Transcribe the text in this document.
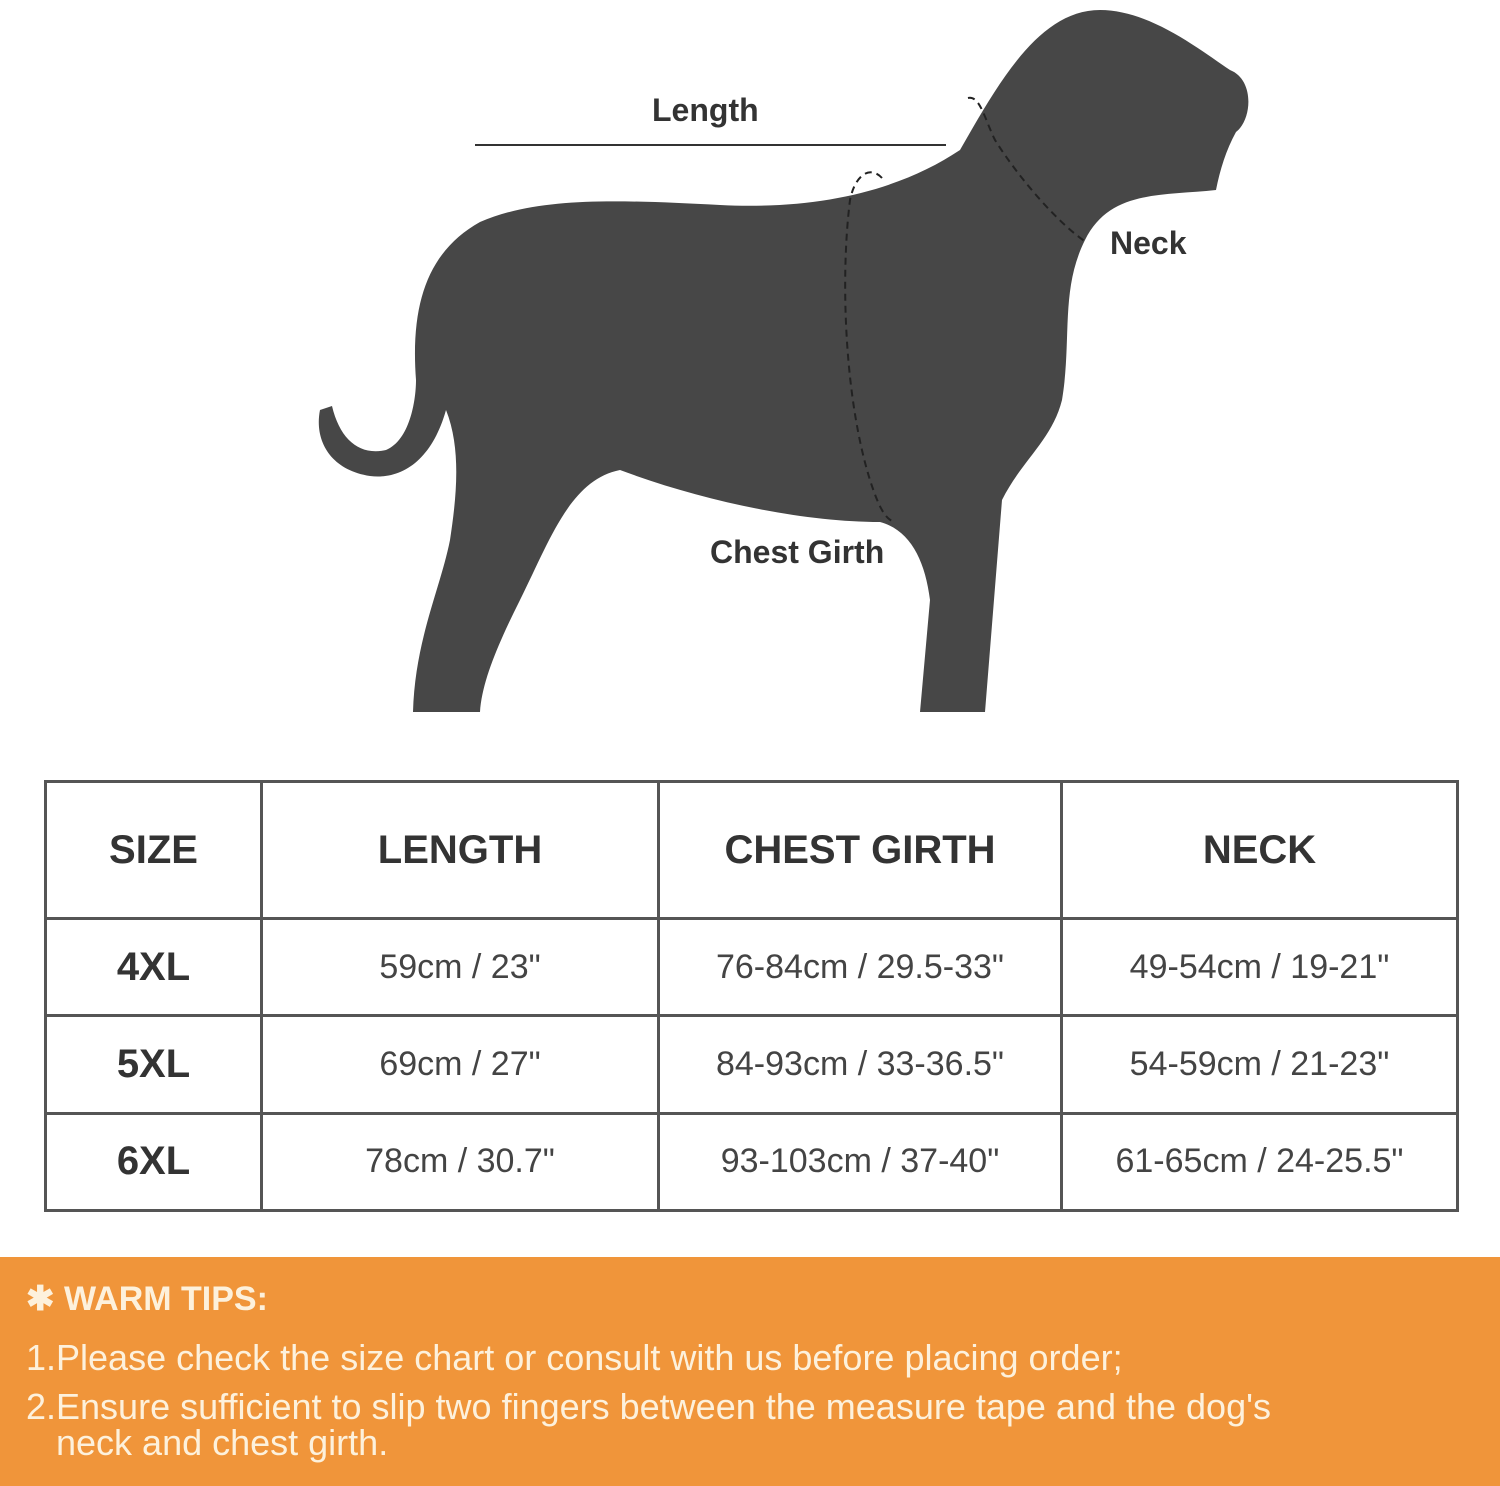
Length
Neck
Chest Girth
SIZE	LENGTH	CHEST GIRTH	NECK
4XL	59cm / 23"	76-84cm / 29.5-33"	49-54cm / 19-21"
5XL	69cm / 27"	84-93cm / 33-36.5"	54-59cm / 21-23"
6XL	78cm / 30.7"	93-103cm / 37-40"	61-65cm / 24-25.5"
✱ WARM TIPS:
1.Please check the size chart or consult with us before placing order;
2.Ensure sufficient to slip two fingers between the measure tape and the dog's
neck and chest girth.
